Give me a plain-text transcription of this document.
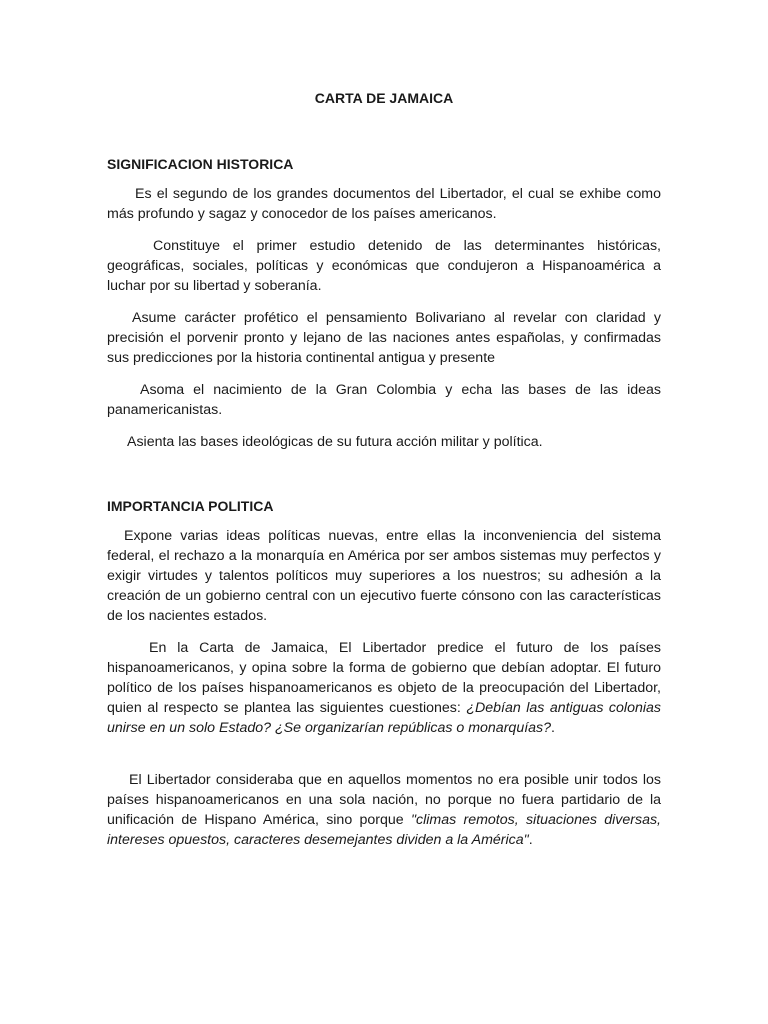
CARTA DE JAMAICA
SIGNIFICACION HISTORICA

Es el segundo de los grandes documentos del Libertador, el cual se exhibe como más profundo y sagaz y conocedor de los países americanos.

Constituye el primer estudio detenido de las determinantes históricas, geográficas, sociales, políticas y económicas que condujeron a Hispanoamérica a luchar por su libertad y soberanía.

Asume carácter profético el pensamiento Bolivariano al revelar con claridad y precisión el porvenir pronto y lejano de las naciones antes españolas, y confirmadas sus predicciones por la historia continental antigua y presente

Asoma el nacimiento de la Gran Colombia y echa las bases de las ideas panamericanistas.

Asienta las bases ideológicas de su futura acción militar y política.

IMPORTANCIA POLITICA

Expone varias ideas políticas nuevas, entre ellas la inconveniencia del sistema federal, el rechazo a la monarquía en América por ser ambos sistemas muy perfectos y exigir virtudes y talentos políticos muy superiores a los nuestros; su adhesión a la creación de un gobierno central con un ejecutivo fuerte cónsono con las características de los nacientes estados.

En la Carta de Jamaica, El Libertador predice el futuro de los países hispanoamericanos, y opina sobre la forma de gobierno que debían adoptar. El futuro político de los países hispanoamericanos es objeto de la preocupación del Libertador, quien al respecto se plantea las siguientes cuestiones: ¿Debían las antiguas colonias unirse en un solo Estado? ¿Se organizarían repúblicas o monarquías?.

El Libertador consideraba que en aquellos momentos no era posible unir todos los países hispanoamericanos en una sola nación, no porque no fuera partidario de la unificación de Hispano América, sino porque "climas remotos, situaciones diversas, intereses opuestos, caracteres desemejantes dividen a la América".
